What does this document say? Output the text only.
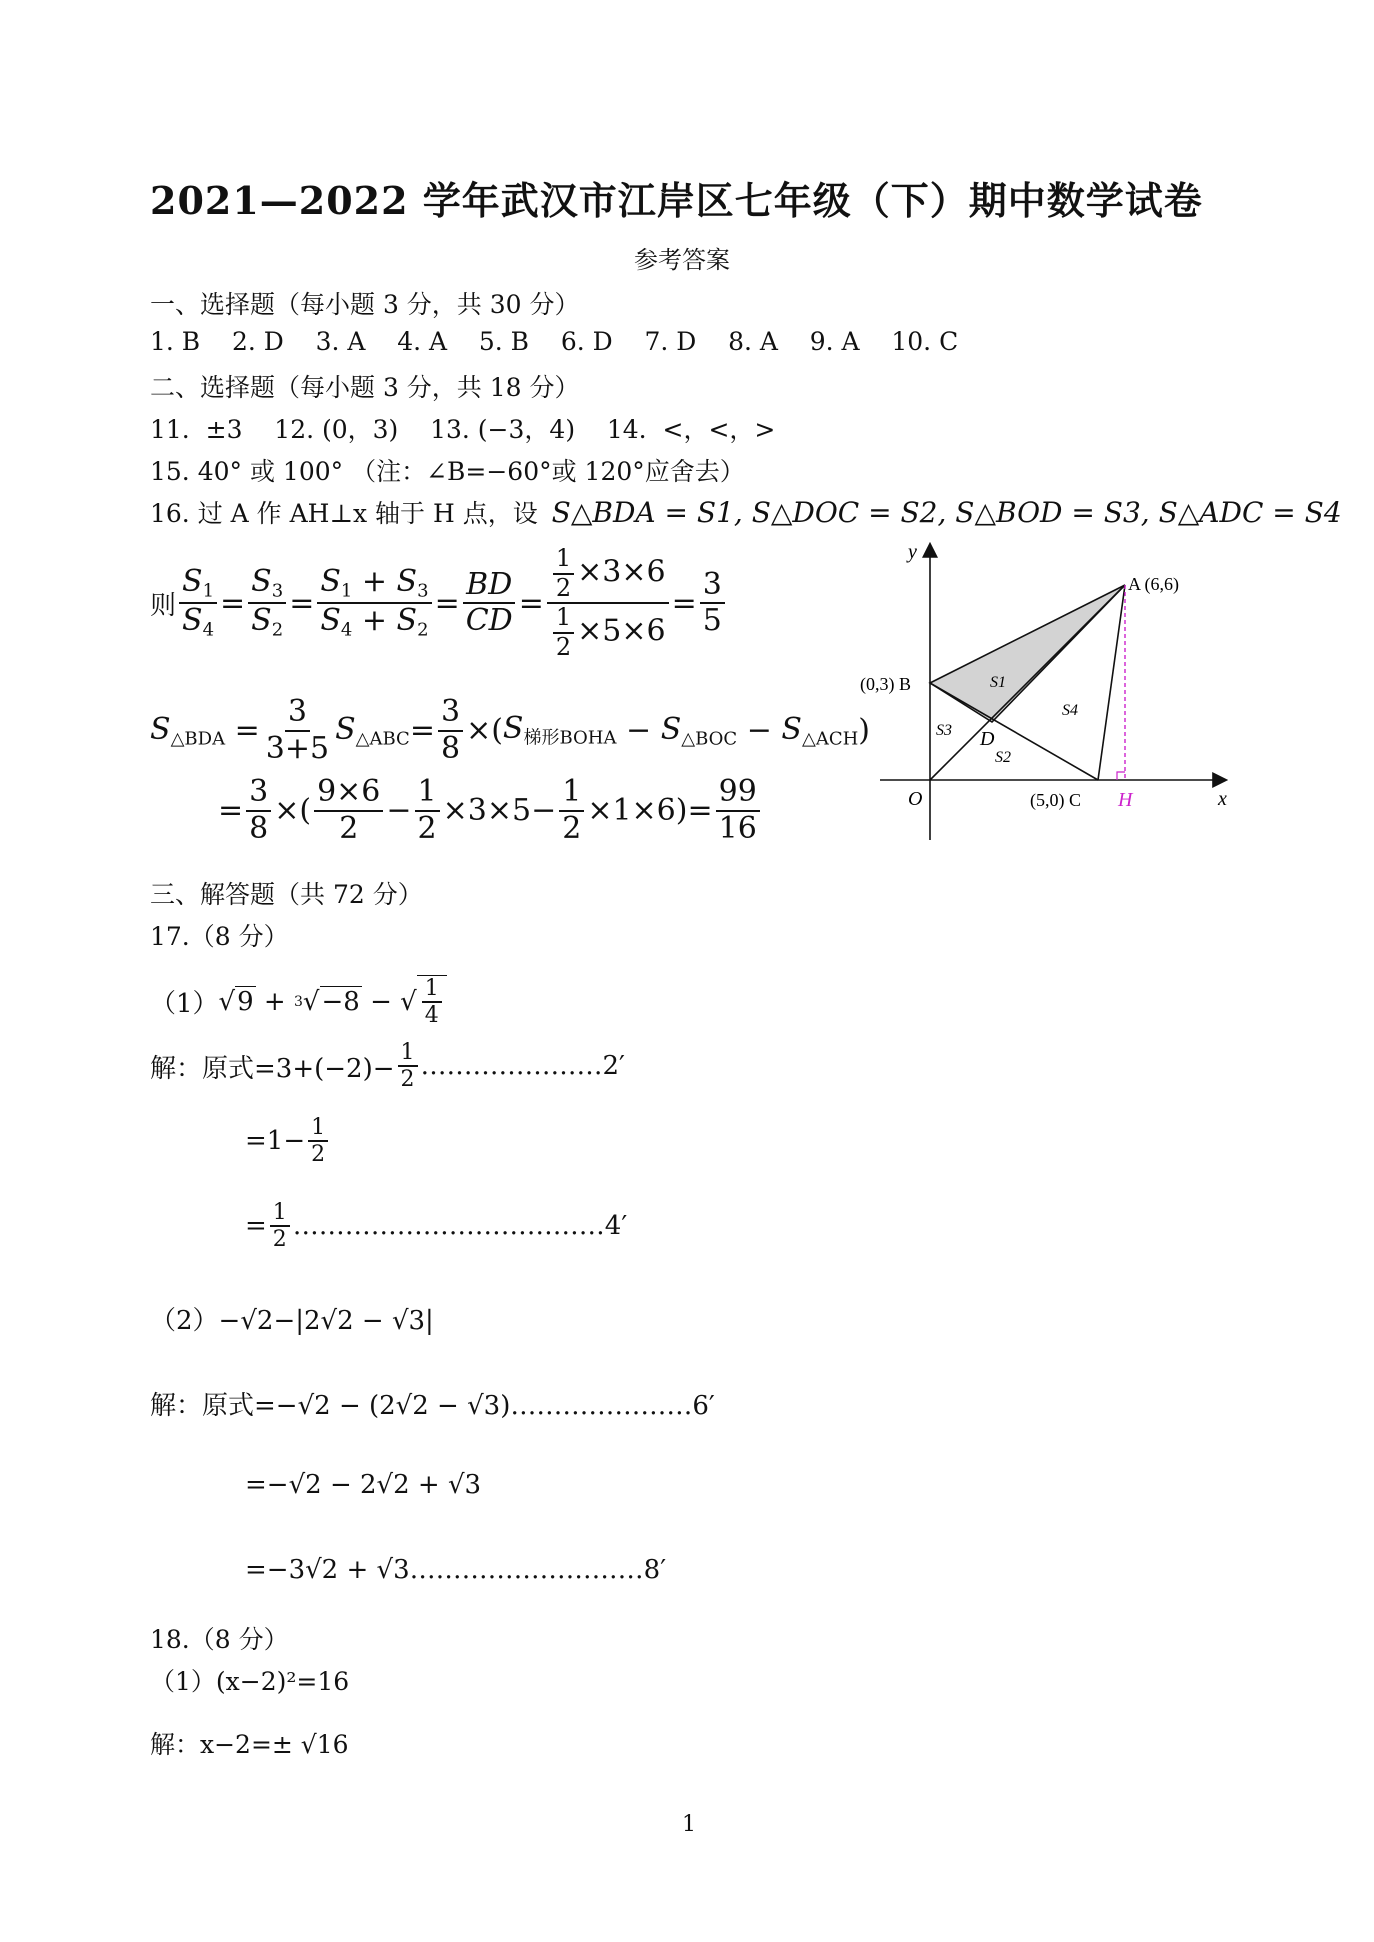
2021—2022 学年武汉市江岸区七年级（下）期中数学试卷
参考答案
一、选择题（每小题 3 分，共 30 分）
1. B    2. D    3. A    4. A    5. B    6. D    7. D    8. A    9. A    10. C
二、选择题（每小题 3 分，共 18 分）
11.  ±3    12. (0，3)    13. (−3，4)    14.  <，<，>
15. 40° 或 100° （注：∠B=−60°或 120°应舍去）
16. 过 A 作 AH⊥x 轴于 H 点，设 S△BDA = S1, S△DOC = S2, S△BOD = S3, S△ADC = S4
则 $\frac{S_1}{S_4} = \frac{S_3}{S_2} = \frac{S_1 + S_3}{S_4 + S_2} = \frac{BD}{CD} = \frac{\frac{1}{2} \times 3\times 6}{\frac{1}{2} \times 5\times 6} = \frac{3}{5}$
$S_{\triangle BDA} = \frac{3}{3+5} S_{\triangle ABC} = \frac{3}{8}$ ×( $S_{梯形BOHA} - S_{\triangle BOC} - S_{\triangle ACH}$ )
= $\frac{3}{8}$ ×( $\frac{9\times 6}{2} - \frac{1}{2} \times 3\times 5- \frac{1}{2} \times 1\times 6)= \frac{99}{16}$
y
x
O
A (6,6)
(0,3) B
(5,0) C
D
H
S1
S2
S3
S4
三、解答题（共 72 分）
17.（8 分）
（1） √ 9 + 3 √ −8 − √ $\frac{1}{4}$
解：原式$=3+(-2)- \frac{1}{2}$ …………………2′
$=1- \frac{1}{2}$
= $\frac{1}{2}$ ………………………………4′
（2）−√2−|2√2 − √3|
解：原式=−√2 − (2√2 − √3)…………………6′
=−√2 − 2√2 + √3
=−3√2 + √3………………………8′
18.（8 分）
（1）(x−2)²=16
解：x−2=± √16
1
